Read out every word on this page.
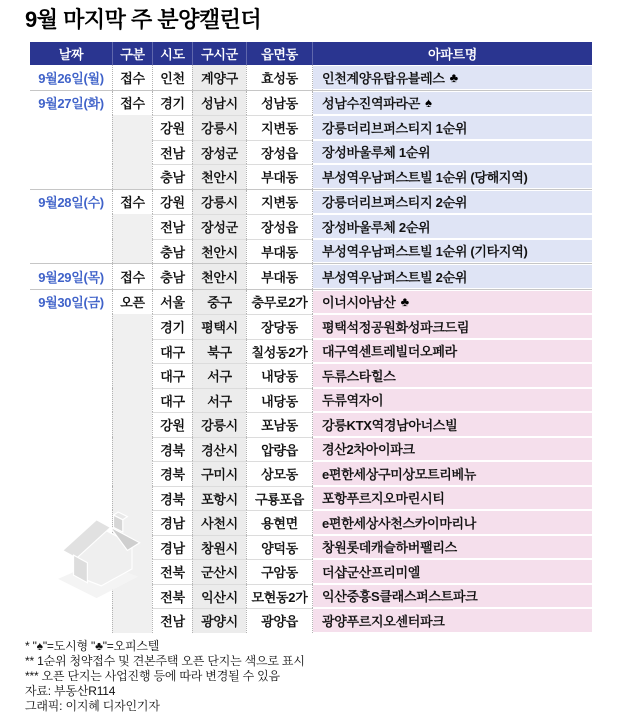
9월 마지막 주 분양캘린더
날짜	구분	시도	구시군	읍면동	아파트명
9월26일(월)	접수	인천	계양구	효성동	인천계양유탑유블레스 ♣
9월27일(화)	접수	경기	성남시	성남동	성남수진역파라곤 ♠
강원	강릉시	지변동	강릉더리브퍼스티지 1순위
전남	장성군	장성읍	장성바울루체 1순위
충남	천안시	부대동	부성역우남퍼스트빌 1순위 (당해지역)
9월28일(수)	접수	강원	강릉시	지변동	강릉더리브퍼스티지 2순위
전남	장성군	장성읍	장성바울루체 2순위
충남	천안시	부대동	부성역우남퍼스트빌 1순위 (기타지역)
9월29일(목)	접수	충남	천안시	부대동	부성역우남퍼스트빌 2순위
9월30일(금)	오픈	서울	중구	충무로2가	이너시아남산 ♣
경기	평택시	장당동	평택석정공원화성파크드림
대구	북구	칠성동2가	대구역센트레빌더오페라
대구	서구	내당동	두류스타힐스
대구	서구	내당동	두류역자이
강원	강릉시	포남동	강릉KTX역경남아너스빌
경북	경산시	압량읍	경산2차아이파크
경북	구미시	상모동	e편한세상구미상모트리베뉴
경북	포항시	구룡포읍	포항푸르지오마린시티
경남	사천시	용현면	e편한세상사천스카이마리나
경남	창원시	양덕동	창원롯데캐슬하버팰리스
전북	군산시	구암동	더샵군산프리미엘
전북	익산시	모현동2가	익산중흥S클래스퍼스트파크
전남	광양시	광양읍	광양푸르지오센터파크
* "♠"=도시형 "♣"=오피스텔
** 1순위 청약접수 및 견본주택 오픈 단지는 색으로 표시
*** 오픈 단지는 사업진행 등에 따라 변경될 수 있음
자료: 부동산R114
그래픽: 이지혜 디자인기자
